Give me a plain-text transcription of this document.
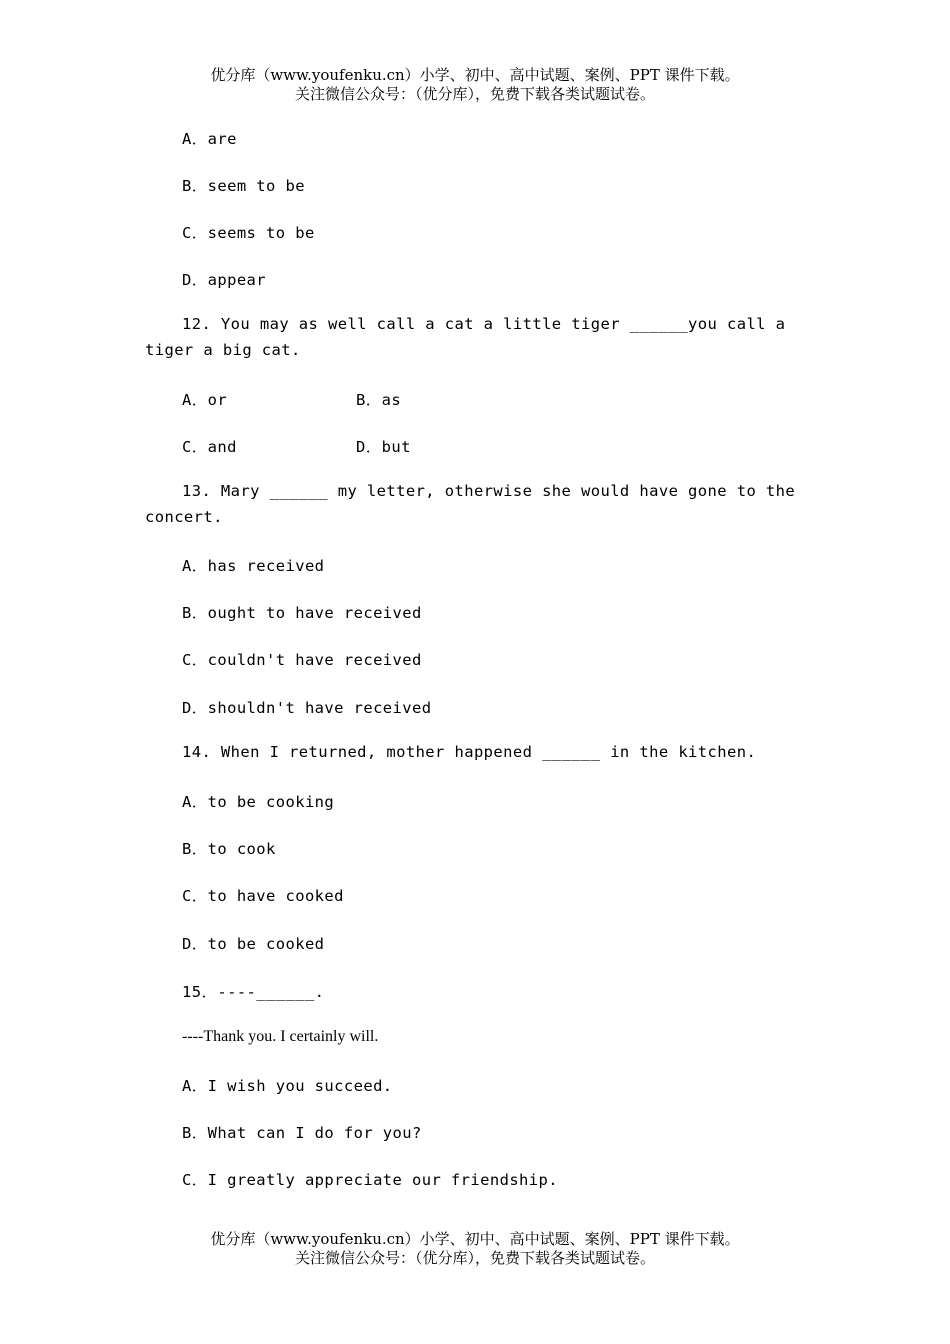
优分库（www.youfenku.cn）小学、初中、高中试题、案例、PPT 课件下载。
关注微信公众号：（优分库），免费下载各类试题试卷。
A．are
B．seem to be
C．seems to be
D．appear
12. You may as well call a cat a little tiger ______you call a
tiger a big cat.
A．or	B．as
C．and	D．but
13. Mary ______ my letter, otherwise she would have gone to the
concert.
A．has received
B．ought to have received
C．couldn't have received
D．shouldn't have received
14. When I returned, mother happened ______ in the kitchen.
A．to be cooking
B．to cook
C．to have cooked
D．to be cooked
15．----______.
----Thank you. I certainly will.
A．I wish you succeed.
B．What can I do for you?
C．I greatly appreciate our friendship.
优分库（www.youfenku.cn）小学、初中、高中试题、案例、PPT 课件下载。
关注微信公众号：（优分库），免费下载各类试题试卷。
